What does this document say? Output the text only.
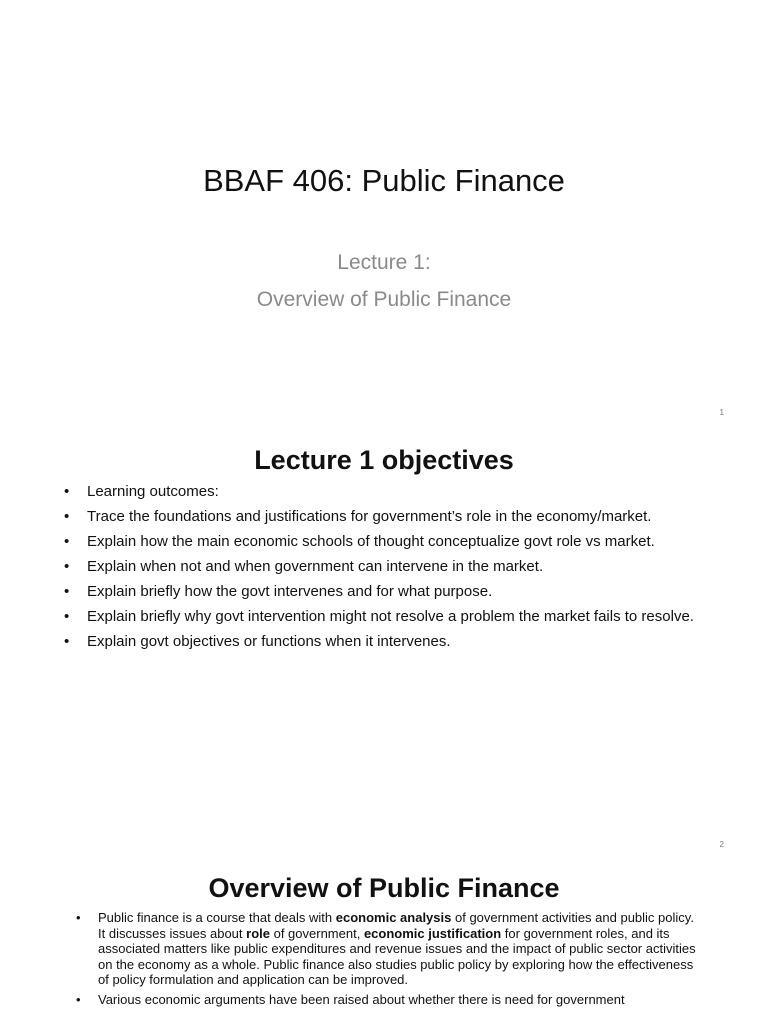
BBAF 406: Public Finance
Lecture 1:
Overview of Public Finance
1
Lecture 1 objectives
• Learning outcomes:
• Trace the foundations and justifications for government’s role in the economy/market.
• Explain how the main economic schools of thought conceptualize govt role vs market.
• Explain when not and when government can intervene in the market.
• Explain briefly how the govt intervenes and for what purpose.
• Explain briefly why govt intervention might not resolve a problem the market fails to resolve.
• Explain govt objectives or functions when it intervenes.
2
Overview of Public Finance
• Public finance is a course that deals with economic analysis of government activities and public policy. It discusses issues about role of government, economic justification for government roles, and its associated matters like public expenditures and revenue issues and the impact of public sector activities on the economy as a whole. Public finance also studies public policy by exploring how the effectiveness of policy formulation and application can be improved.
• Various economic arguments have been raised about whether there is need for government
